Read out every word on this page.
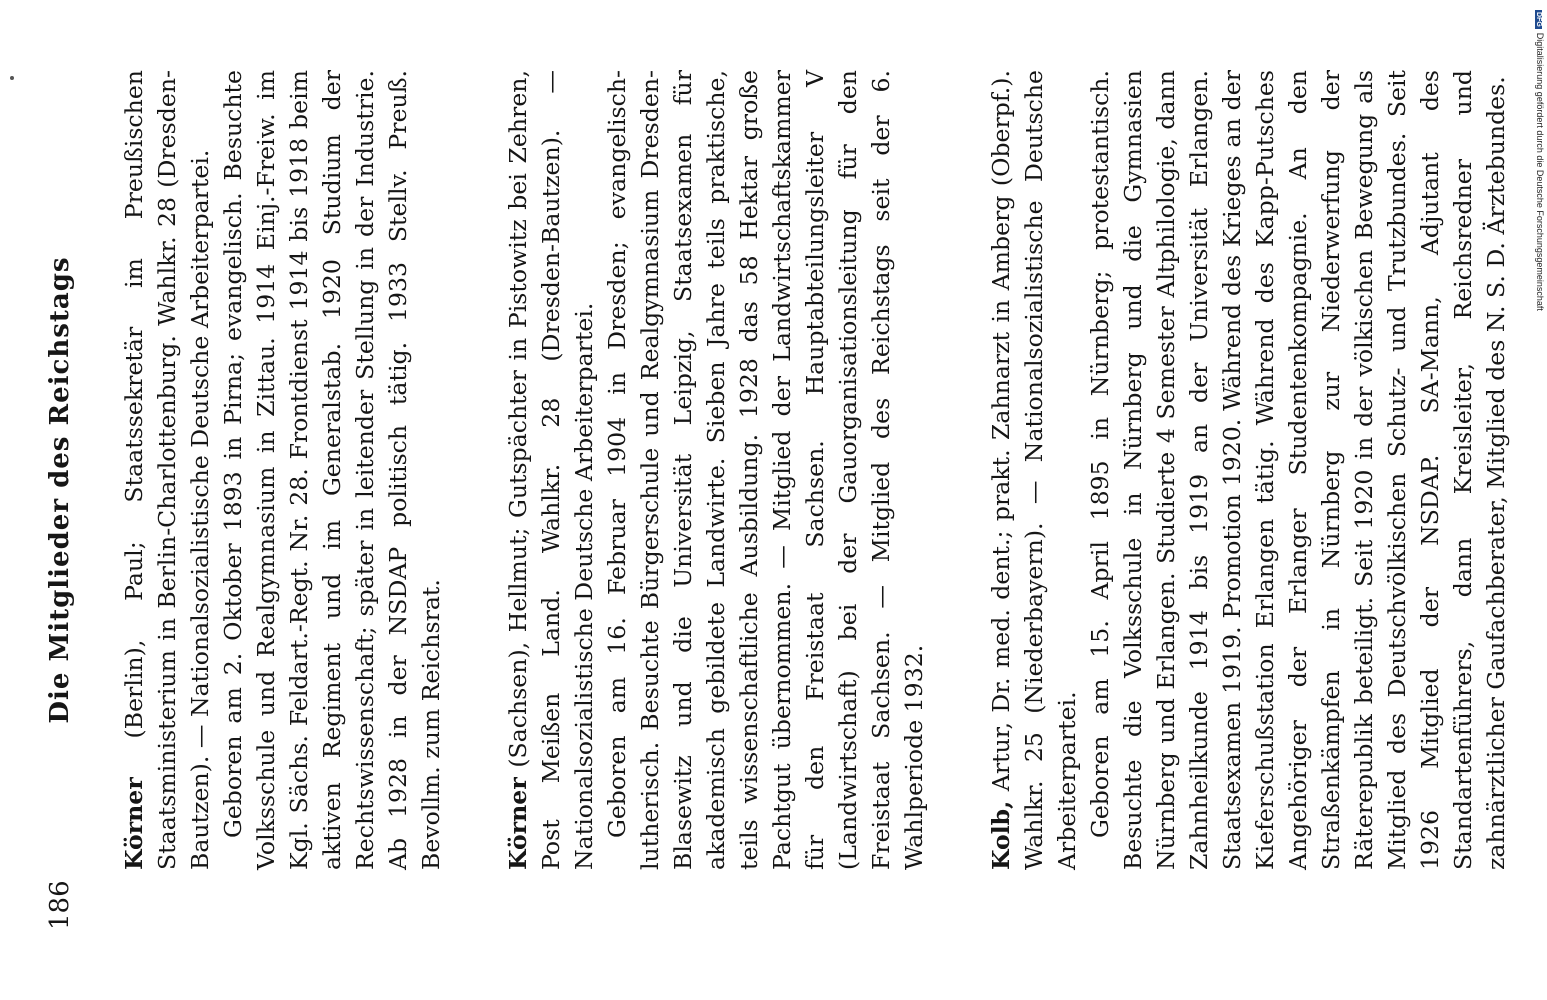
186
Die Mitglieder des Reichstags

Körner (Berlin), Paul; Staatssekretär im Preußischen Staatsministerium in Berlin-Charlottenburg. Wahlkr. 28 (Dresden-Bautzen). — Nationalsozialistische Deutsche Arbeiterpartei. Geboren am 2. Oktober 1893 in Pirna; evangelisch. Besuchte Volksschule und Realgymnasium in Zittau. 1914 Einj.-Freiw. im Kgl. Sächs. Feldart.-Regt. Nr. 28. Frontdienst 1914 bis 1918 beim aktiven Regiment und im Generalstab. 1920 Studium der Rechtswissenschaft; später in leitender Stellung in der Industrie. Ab 1928 in der NSDAP politisch tätig. 1933 Stellv. Preuß. Bevollm. zum Reichsrat.	Körner (Sachsen), Hellmut; Gutspächter in Pistowitz bei Zehren, Post Meißen Land. Wahlkr. 28 (Dresden-Bautzen). — Nationalsozialistische Deutsche Arbeiterpartei. Geboren am 16. Februar 1904 in Dresden; evangelisch-lutherisch. Besuchte Bürgerschule und Realgymnasium Dresden-Blasewitz und die Universität Leipzig, Staatsexamen für akademisch gebildete Landwirte. Sieben Jahre teils praktische, teils wissenschaftliche Ausbildung. 1928 das 58 Hektar große Pachtgut übernommen. — Mitglied der Landwirtschaftskammer für den Freistaat Sachsen. Hauptabteilungsleiter V (Landwirtschaft) bei der Gauorganisationsleitung für den Freistaat Sachsen. — Mitglied des Reichstags seit der 6. Wahlperiode 1932.	Kolb, Artur, Dr. med. dent.; prakt. Zahnarzt in Amberg (Oberpf.). Wahlkr. 25 (Niederbayern). — Nationalsozialistische Deutsche Arbeiterpartei. Geboren am 15. April 1895 in Nürnberg; protestantisch. Besuchte die Volksschule in Nürnberg und die Gymnasien Nürnberg und Erlangen. Studierte 4 Semester Altphilologie, dann Zahnheilkunde 1914 bis 1919 an der Universität Erlangen. Staatsexamen 1919. Promotion 1920. Während des Krieges an der Kieferschußstation Erlangen tätig. Während des Kapp-Putsches Angehöriger der Erlanger Studentenkompagnie. An den Straßenkämpfen in Nürnberg zur Niederwerfung der Räterepublik beteiligt. Seit 1920 in der völkischen Bewegung als Mitglied des Deutschvölkischen Schutz- und Trutzbundes. Seit 1926 Mitglied der NSDAP. SA-Mann, Adjutant des Standartenführers, dann Kreisleiter, Reichsredner und zahnärztlicher Gaufachberater, Mitglied des N. S. D. Ärztebundes.

DFGDigitalisierung gefördert durch die Deutsche Forschungsgemeinschaft
